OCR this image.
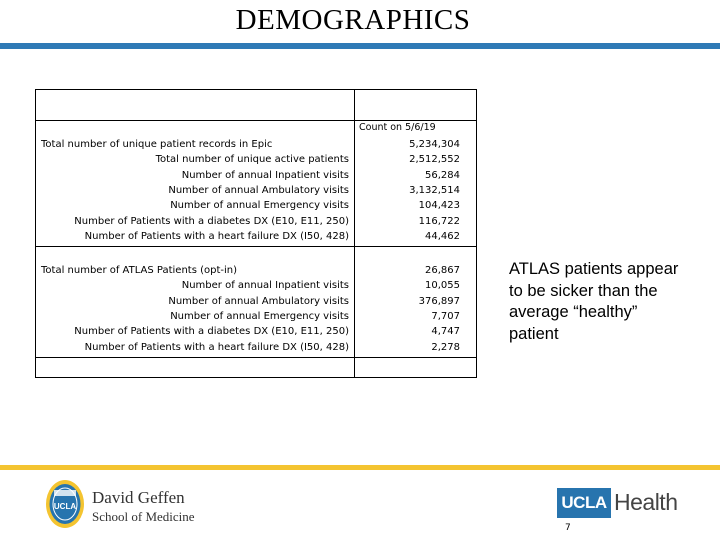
DEMOGRAPHICS
Count on 5/6/19
Total number of unique patient records in Epic	5,234,304
Total number of unique active patients	2,512,552
Number of annual Inpatient visits	56,284
Number of annual Ambulatory visits	3,132,514
Number of annual Emergency visits	104,423
Number of Patients with a diabetes DX (E10, E11, 250)	116,722
Number of Patients with a heart failure DX (I50, 428)	44,462
Total number of ATLAS Patients (opt-in)	26,867
Number of annual Inpatient visits	10,055
Number of annual Ambulatory visits	376,897
Number of annual Emergency visits	7,707
Number of Patients with a diabetes DX (E10, E11, 250)	4,747
Number of Patients with a heart failure DX (I50, 428)	2,278
ATLAS patients appear to be sicker than the average “healthy” patient
UCLA David Geffen
School of Medicine
UCLA Health
7
